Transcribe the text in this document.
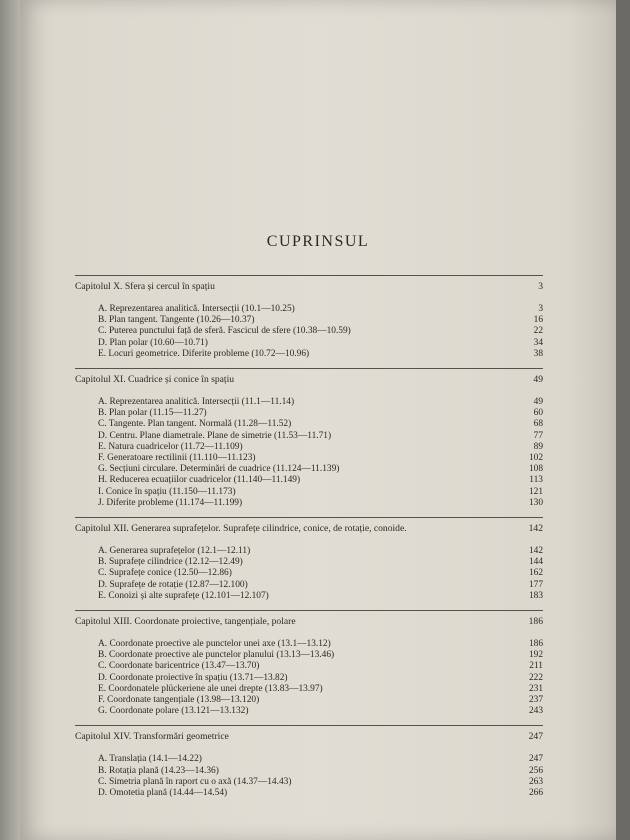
CUPRINSUL
Capitolul X. Sfera și cercul în spațiu	3
A. Reprezentarea analitică. Intersecții (10.1—10.25)	3
B. Plan tangent. Tangente (10.26—10.37)	16
C. Puterea punctului față de sferă. Fascicul de sfere (10.38—10.59)	22
D. Plan polar (10.60—10.71)	34
E. Locuri geometrice. Diferite probleme (10.72—10.96)	38
Capitolul XI. Cuadrice și conice în spațiu	49
A. Reprezentarea analitică. Intersecții (11.1—11.14)	49
B. Plan polar (11.15—11.27)	60
C. Tangente. Plan tangent. Normală (11.28—11.52)	68
D. Centru. Plane diametrale. Plane de simetrie (11.53—11.71)	77
E. Natura cuadricelor (11.72—11.109)	89
F. Generatoare rectilinii (11.110—11.123)	102
G. Secțiuni circulare. Determinări de cuadrice (11.124—11.139)	108
H. Reducerea ecuațiilor cuadricelor (11.140—11.149)	113
I. Conice în spațiu (11.150—11.173)	121
J. Diferite probleme (11.174—11.199)	130
Capitolul XII. Generarea suprafețelor. Suprafețe cilindrice, conice, de rotație, conoide.	142
A. Generarea suprafețelor (12.1—12.11)	142
B. Suprafețe cilindrice (12.12—12.49)	144
C. Suprafețe conice (12.50—12.86)	162
D. Suprafețe de rotație (12.87—12.100)	177
E. Conoizi și alte suprafețe (12.101—12.107)	183
Capitolul XIII. Coordonate proiective, tangențiale, polare	186
A. Coordonate proective ale punctelor unei axe (13.1—13.12)	186
B. Coordonate proective ale punctelor planului (13.13—13.46)	192
C. Coordonate baricentrice (13.47—13.70)	211
D. Coordonate proiective în spațiu (13.71—13.82)	222
E. Coordonatele plückeriene ale unei drepte (13.83—13.97)	231
F. Coordonate tangențiale (13.98—13.120)	237
G. Coordonate polare (13.121—13.132)	243
Capitolul XIV. Transformări geometrice	247
A. Translația (14.1—14.22)	247
B. Rotația plană (14.23—14.36)	256
C. Simetria plană în raport cu o axă (14.37—14.43)	263
D. Omotetia plană (14.44—14.54)	266
